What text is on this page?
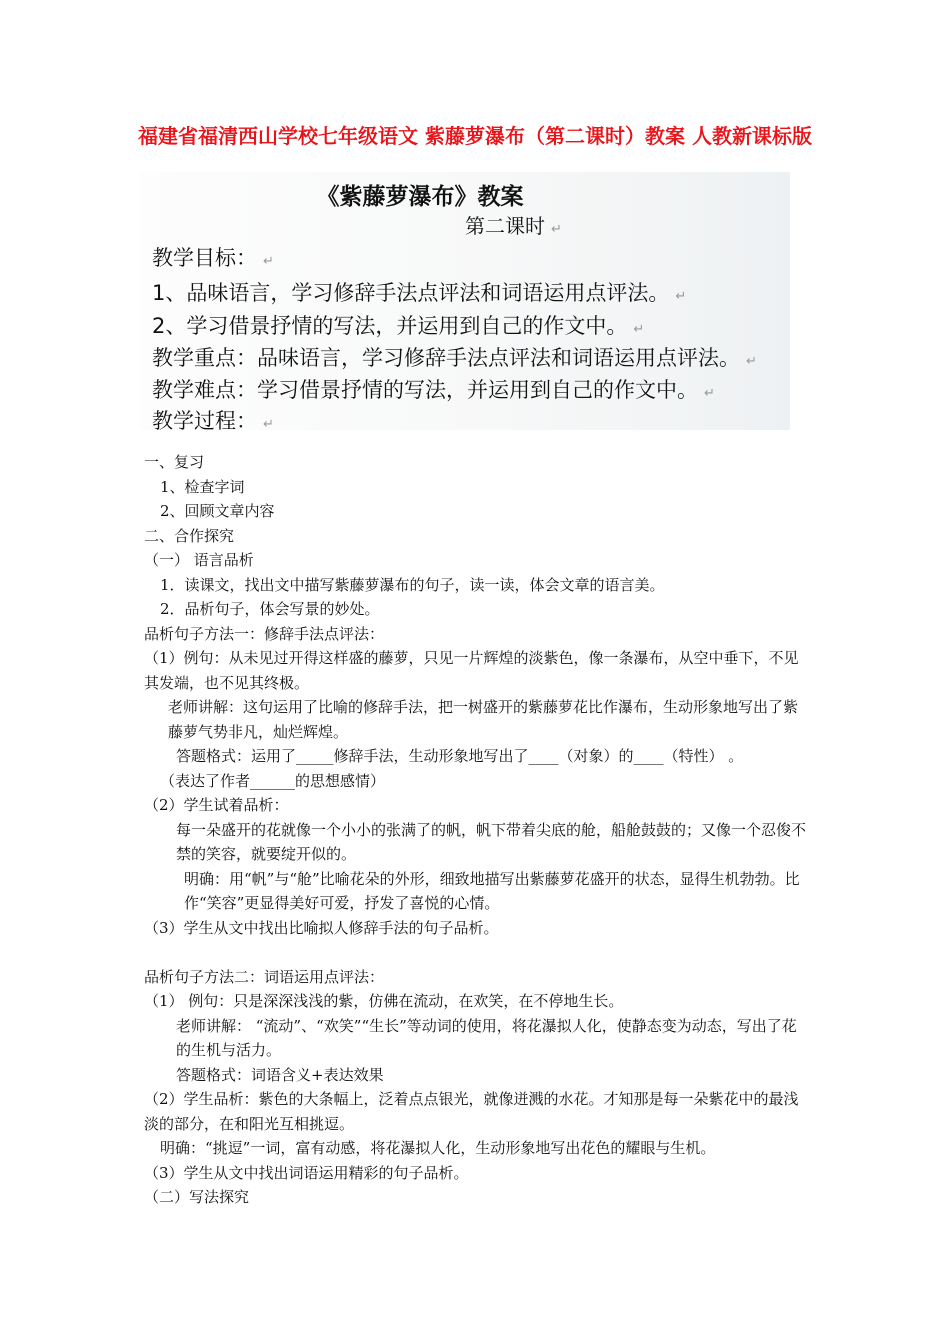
福建省福清西山学校七年级语文 紫藤萝瀑布（第二课时）教案 人教新课标版
《紫藤萝瀑布》教案
第二课时 ↵
教学目标： ↵
1、品味语言，学习修辞手法点评法和词语运用点评法。 ↵
2、学习借景抒情的写法，并运用到自己的作文中。 ↵
教学重点：品味语言，学习修辞手法点评法和词语运用点评法。 ↵
教学难点：学习借景抒情的写法，并运用到自己的作文中。 ↵
教学过程： ↵

一、复习

1、检查字词

2、回顾文章内容

二、合作探究

（一） 语言品析

1．读课文，找出文中描写紫藤萝瀑布的句子，读一读，体会文章的语言美。

2．品析句子，体会写景的妙处。

品析句子方法一：修辞手法点评法：

（1）例句：从未见过开得这样盛的藤萝，只见一片辉煌的淡紫色，像一条瀑布，从空中垂下，不见其发端，也不见其终极。

老师讲解：这句运用了比喻的修辞手法，把一树盛开的紫藤萝花比作瀑布，生动形象地写出了紫藤萝气势非凡，灿烂辉煌。

答题格式：运用了_____修辞手法，生动形象地写出了____（对象）的____（特性） 。

（表达了作者______的思想感情）

（2）学生试着品析：

每一朵盛开的花就像一个小小的张满了的帆，帆下带着尖底的舱，船舱鼓鼓的；又像一个忍俊不禁的笑容，就要绽开似的。

明确：用“帆”与“舱”比喻花朵的外形，细致地描写出紫藤萝花盛开的状态，显得生机勃勃。比作“笑容”更显得美好可爱，抒发了喜悦的心情。

（3）学生从文中找出比喻拟人修辞手法的句子品析。

品析句子方法二：词语运用点评法：

（1） 例句：只是深深浅浅的紫，仿佛在流动，在欢笑，在不停地生长。

老师讲解： “流动”、“欢笑”“生长”等动词的使用，将花瀑拟人化，使静态变为动态，写出了花的生机与活力。

答题格式：词语含义+表达效果

（2）学生品析：紫色的大条幅上，泛着点点银光，就像迸溅的水花。才知那是每一朵紫花中的最浅淡的部分，在和阳光互相挑逗。

明确：“挑逗”一词，富有动感，将花瀑拟人化，生动形象地写出花色的耀眼与生机。

（3）学生从文中找出词语运用精彩的句子品析。

（二）写法探究
